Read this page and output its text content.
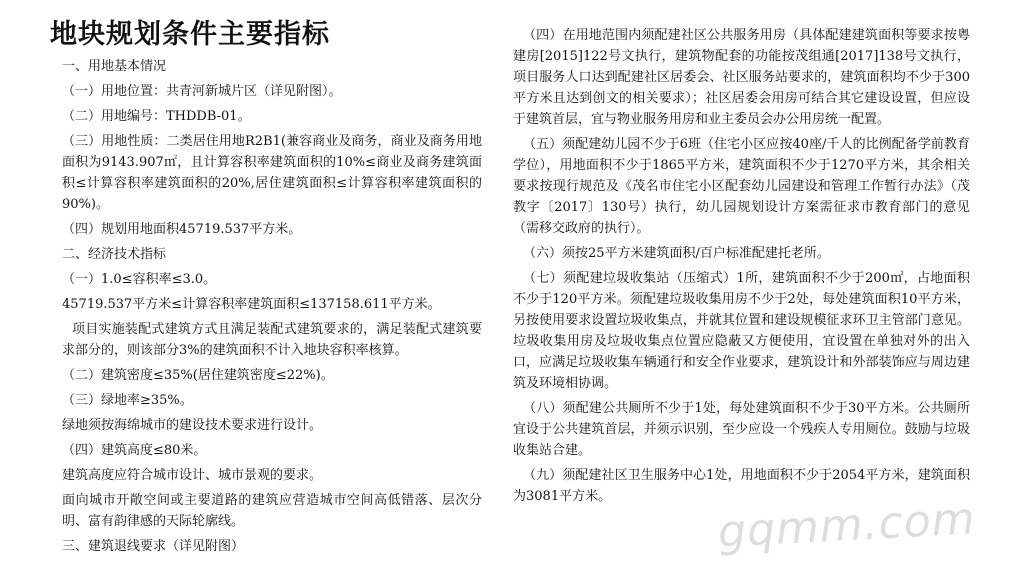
地块规划条件主要指标

一、用地基本情况

（一）用地位置：共青河新城片区（详见附图）。

（二）用地编号：THDDB-01。

（三）用地性质：二类居住用地R2B1(兼容商业及商务，商业及商务用地面积为9143.907㎡，且计算容积率建筑面积的10%≤商业及商务建筑面积≤计算容积率建筑面积的20%,居住建筑面积≤计算容积率建筑面积的90%)。

（四）规划用地面积45719.537平方米。

二、经济技术指标

（一）1.0≤容积率≤3.0。

45719.537平方米≤计算容积率建筑面积≤137158.611平方米。

项目实施装配式建筑方式且满足装配式建筑要求的，满足装配式建筑要求部分的，则该部分3%的建筑面积不计入地块容积率核算。

（二）建筑密度≤35%(居住建筑密度≤22%)。

（三）绿地率≥35%。

绿地须按海绵城市的建设技术要求进行设计。

（四）建筑高度≤80米。

建筑高度应符合城市设计、城市景观的要求。

面向城市开敞空间或主要道路的建筑应营造城市空间高低错落、层次分明、富有韵律感的天际轮廓线。

三、建筑退线要求（详见附图）

（四）在用地范围内须配建社区公共服务用房（具体配建建筑面积等要求按粤建房[2015]122号文执行，建筑物配套的功能按茂组通[2017]138号文执行，项目服务人口达到配建社区居委会、社区服务站要求的，建筑面积均不少于300平方米且达到创文的相关要求）；社区居委会用房可结合其它建设设置，但应设于建筑首层，宜与物业服务用房和业主委员会办公用房统一配置。

（五）须配建幼儿园不少于6班（住宅小区应按40座/千人的比例配备学前教育学位），用地面积不少于1865平方米，建筑面积不少于1270平方米，其余相关要求按现行规范及《茂名市住宅小区配套幼儿园建设和管理工作暂行办法》（茂教字〔2017〕130号）执行，幼儿园规划设计方案需征求市教育部门的意见（需移交政府的执行）。

（六）须按25平方米建筑面积/百户标准配建托老所。

（七）须配建垃圾收集站（压缩式）1所，建筑面积不少于200㎡，占地面积不少于120平方米。须配建垃圾收集用房不少于2处，每处建筑面积10平方米，另按使用要求设置垃圾收集点，并就其位置和建设规模征求环卫主管部门意见。垃圾收集用房及垃圾收集点位置应隐蔽又方便使用，宜设置在单独对外的出入口，应满足垃圾收集车辆通行和安全作业要求，建筑设计和外部装饰应与周边建筑及环境相协调。

（八）须配建公共厕所不少于1处，每处建筑面积不少于30平方米。公共厕所宜设于公共建筑首层，并须示识别，至少应设一个残疾人专用厕位。鼓励与垃圾收集站合建。

（九）须配建社区卫生服务中心1处，用地面积不少于2054平方米，建筑面积为3081平方米。	gqmm.com
